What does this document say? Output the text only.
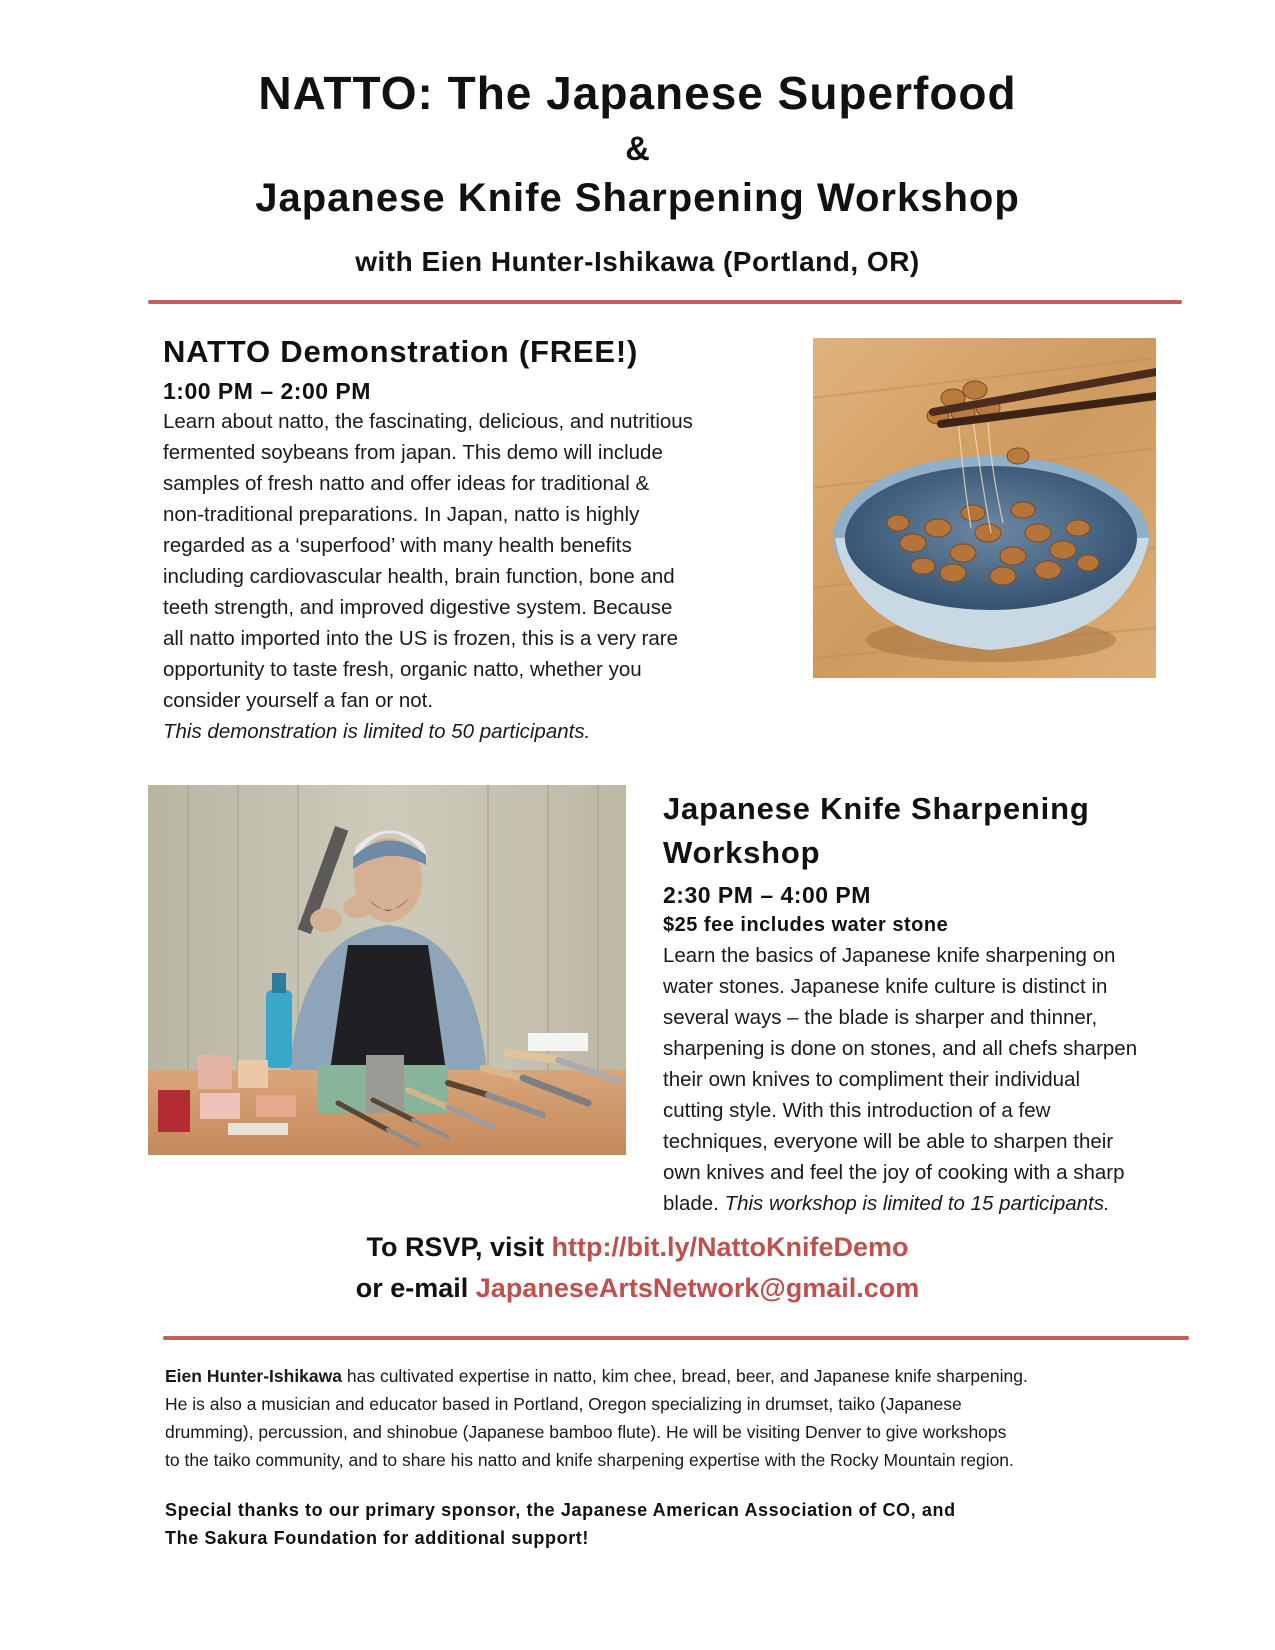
NATTO: The Japanese Superfood
&
Japanese Knife Sharpening Workshop
with Eien Hunter-Ishikawa (Portland, OR)
NATTO Demonstration (FREE!)
1:00 PM – 2:00 PM
Learn about natto, the fascinating, delicious, and nutritious
fermented soybeans from japan. This demo will include
samples of fresh natto and offer ideas for traditional &
non-traditional preparations. In Japan, natto is highly
regarded as a ‘superfood’ with many health benefits
including cardiovascular health, brain function, bone and
teeth strength, and improved digestive system. Because
all natto imported into the US is frozen, this is a very rare
opportunity to taste fresh, organic natto, whether you
consider yourself a fan or not.
This demonstration is limited to 50 participants.
Japanese Knife Sharpening
Workshop
2:30 PM – 4:00 PM
$25 fee includes water stone
Learn the basics of Japanese knife sharpening on
water stones. Japanese knife culture is distinct in
several ways – the blade is sharper and thinner,
sharpening is done on stones, and all chefs sharpen
their own knives to compliment their individual
cutting style. With this introduction of a few
techniques, everyone will be able to sharpen their
own knives and feel the joy of cooking with a sharp
blade. This workshop is limited to 15 participants.
To RSVP, visit http://bit.ly/NattoKnifeDemo
or e-mail JapaneseArtsNetwork@gmail.com
Eien Hunter-Ishikawa has cultivated expertise in natto, kim chee, bread, beer, and Japanese knife sharpening.
He is also a musician and educator based in Portland, Oregon specializing in drumset, taiko (Japanese
drumming), percussion, and shinobue (Japanese bamboo flute). He will be visiting Denver to give workshops
to the taiko community, and to share his natto and knife sharpening expertise with the Rocky Mountain region.
Special thanks to our primary sponsor, the Japanese American Association of CO, and
The Sakura Foundation for additional support!
